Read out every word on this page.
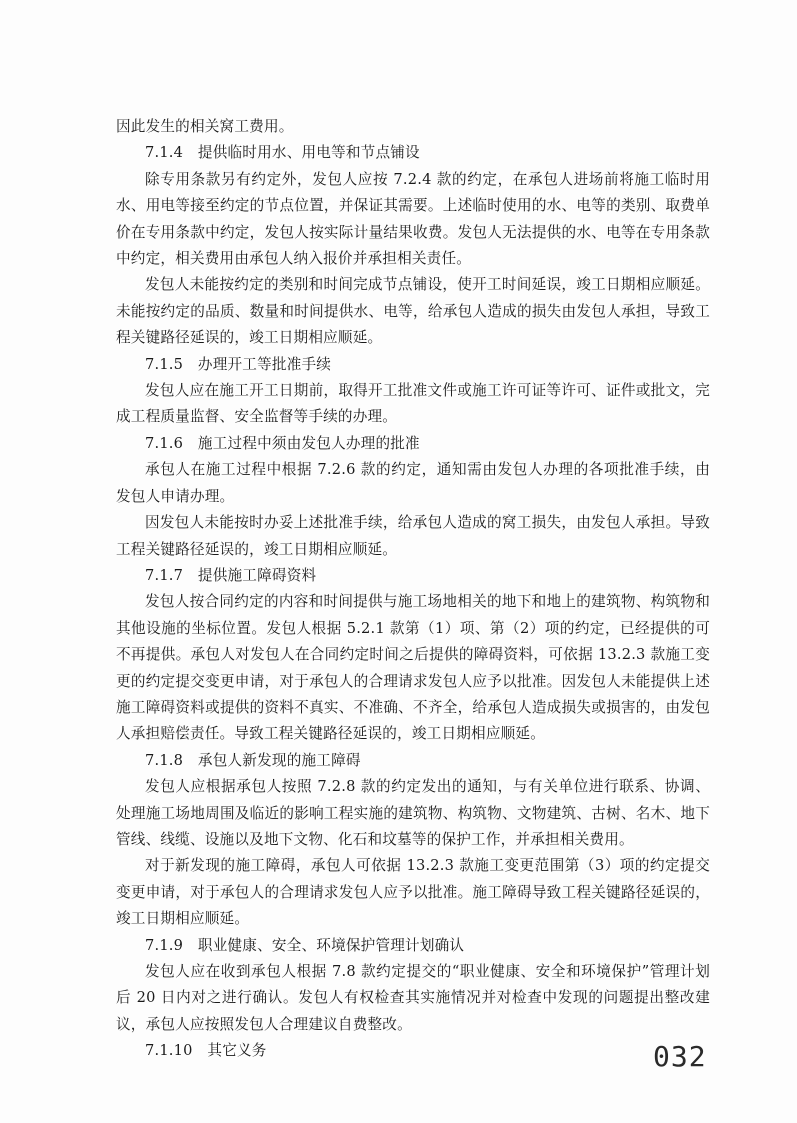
因此发生的相关窝工费用。

7.1.4　提供临时用水、用电等和节点铺设

除专用条款另有约定外，发包人应按 7.2.4 款的约定，在承包人进场前将施工临时用水、用电等接至约定的节点位置，并保证其需要。上述临时使用的水、电等的类别、取费单价在专用条款中约定，发包人按实际计量结果收费。发包人无法提供的水、电等在专用条款中约定，相关费用由承包人纳入报价并承担相关责任。

发包人未能按约定的类别和时间完成节点铺设，使开工时间延误，竣工日期相应顺延。未能按约定的品质、数量和时间提供水、电等，给承包人造成的损失由发包人承担，导致工程关键路径延误的，竣工日期相应顺延。

7.1.5　办理开工等批准手续

发包人应在施工开工日期前，取得开工批准文件或施工许可证等许可、证件或批文，完成工程质量监督、安全监督等手续的办理。

7.1.6　施工过程中须由发包人办理的批准

承包人在施工过程中根据 7.2.6 款的约定，通知需由发包人办理的各项批准手续，由发包人申请办理。

因发包人未能按时办妥上述批准手续，给承包人造成的窝工损失，由发包人承担。导致工程关键路径延误的，竣工日期相应顺延。

7.1.7　提供施工障碍资料

发包人按合同约定的内容和时间提供与施工场地相关的地下和地上的建筑物、构筑物和其他设施的坐标位置。发包人根据 5.2.1 款第（1）项、第（2）项的约定，已经提供的可不再提供。承包人对发包人在合同约定时间之后提供的障碍资料，可依据 13.2.3 款施工变更的约定提交变更申请，对于承包人的合理请求发包人应予以批准。因发包人未能提供上述施工障碍资料或提供的资料不真实、不准确、不齐全，给承包人造成损失或损害的，由发包人承担赔偿责任。导致工程关键路径延误的，竣工日期相应顺延。

7.1.8　承包人新发现的施工障碍

发包人应根据承包人按照 7.2.8 款的约定发出的通知，与有关单位进行联系、协调、处理施工场地周围及临近的影响工程实施的建筑物、构筑物、文物建筑、古树、名木、地下管线、线缆、设施以及地下文物、化石和坟墓等的保护工作，并承担相关费用。

对于新发现的施工障碍，承包人可依据 13.2.3 款施工变更范围第（3）项的约定提交变更申请，对于承包人的合理请求发包人应予以批准。施工障碍导致工程关键路径延误的，竣工日期相应顺延。

7.1.9　职业健康、安全、环境保护管理计划确认

发包人应在收到承包人根据 7.8 款约定提交的“职业健康、安全和环境保护”管理计划后 20 日内对之进行确认。发包人有权检查其实施情况并对检查中发现的问题提出整改建议，承包人应按照发包人合理建议自费整改。

7.1.10　其它义务	032
